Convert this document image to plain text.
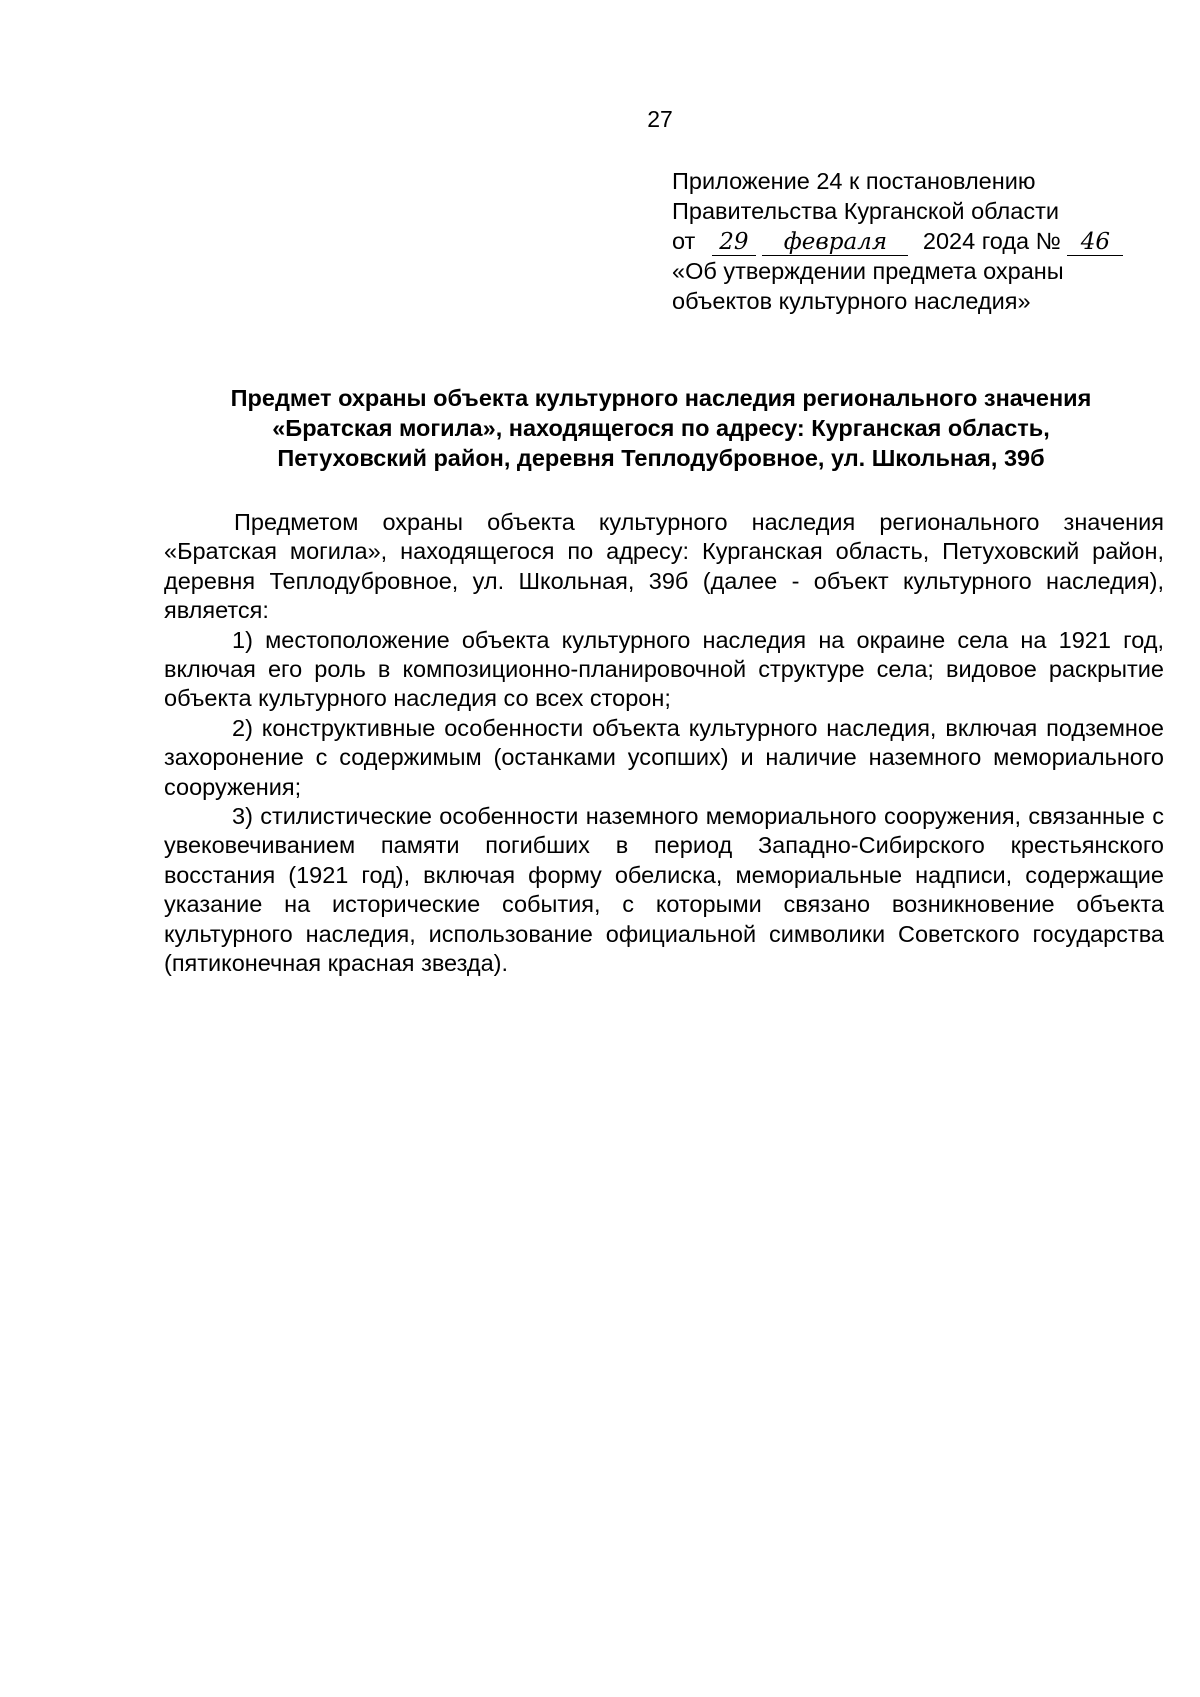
27
Приложение 24 к постановлению
Правительства Курганской области
от 29 февраля 2024 года № 46
«Об утверждении предмета охраны
объектов культурного наследия»
Предмет охраны объекта культурного наследия регионального значения
«Братская могила», находящегося по адресу: Курганская область,
Петуховский район, деревня Теплодубровное, ул. Школьная, 39б

Предметом охраны объекта культурного наследия регионального значения «Братская могила», находящегося по адресу: Курганская область, Петуховский район, деревня Теплодубровное, ул. Школьная, 39б (далее - объект культурного наследия), является:

1) местоположение объекта культурного наследия на окраине села на 1921 год, включая его роль в композиционно-планировочной структуре села; видовое раскрытие объекта культурного наследия со всех сторон;

2) конструктивные особенности объекта культурного наследия, включая подземное захоронение с содержимым (останками усопших) и наличие наземного мемориального сооружения;

3) стилистические особенности наземного мемориального сооружения, связанные с увековечиванием памяти погибших в период Западно-Сибирского крестьянского восстания (1921 год), включая форму обелиска, мемориальные надписи, содержащие указание на исторические события, с которыми связано возникновение объекта культурного наследия, использование официальной символики Советского государства (пятиконечная красная звезда).
